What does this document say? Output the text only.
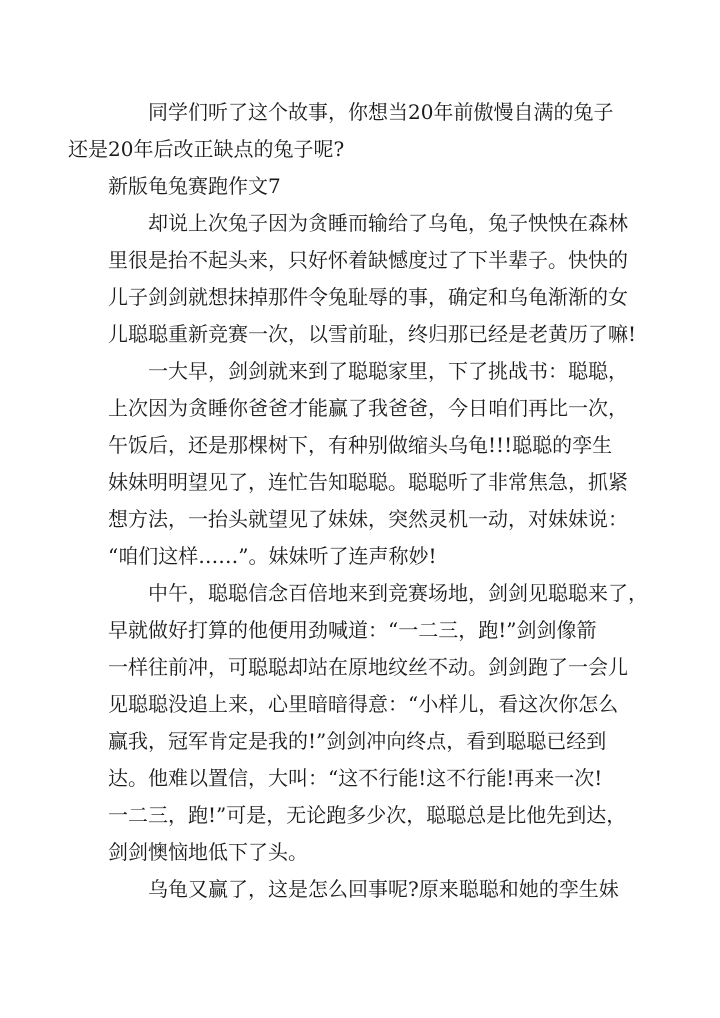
同学们听了这个故事，你想当20年前傲慢自满的兔子
还是20年后改正缺点的兔子呢?

新版龟兔赛跑作文7

却说上次兔子因为贪睡而输给了乌龟，兔子怏怏在森林
里很是抬不起头来，只好怀着缺憾度过了下半辈子。快快的
儿子剑剑就想抹掉那件令兔耻辱的事，确定和乌龟渐渐的女
儿聪聪重新竞赛一次，以雪前耻，终归那已经是老黄历了嘛!

一大早，剑剑就来到了聪聪家里，下了挑战书：聪聪，
上次因为贪睡你爸爸才能赢了我爸爸，今日咱们再比一次，
午饭后，还是那棵树下，有种别做缩头乌龟!!!聪聪的孪生
妹妹明明望见了，连忙告知聪聪。聪聪听了非常焦急，抓紧
想方法，一抬头就望见了妹妹，突然灵机一动，对妹妹说：
“咱们这样……”。妹妹听了连声称妙!

中午，聪聪信念百倍地来到竞赛场地，剑剑见聪聪来了，
早就做好打算的他便用劲喊道：“一二三，跑!”剑剑像箭
一样往前冲，可聪聪却站在原地纹丝不动。剑剑跑了一会儿
见聪聪没追上来，心里暗暗得意：“小样儿，看这次你怎么
赢我，冠军肯定是我的!”剑剑冲向终点，看到聪聪已经到
达。他难以置信，大叫：“这不行能!这不行能!再来一次!
一二三，跑!”可是，无论跑多少次，聪聪总是比他先到达，
剑剑懊恼地低下了头。

乌龟又赢了，这是怎么回事呢?原来聪聪和她的孪生妹
